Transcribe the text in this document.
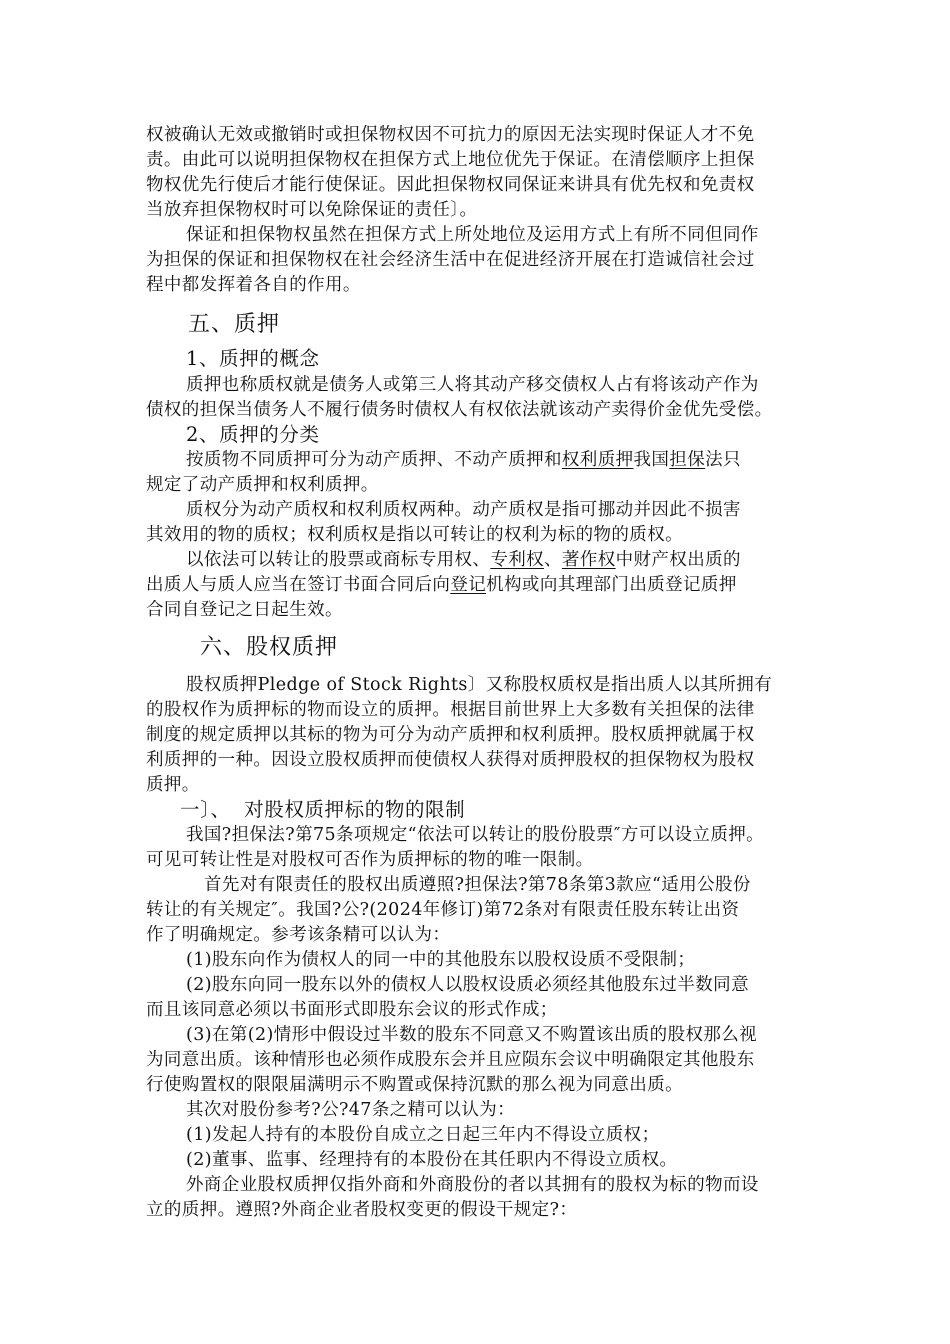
权被确认无效或撤销时或担保物权因不可抗力的原因无法实现时保证人才不免
责。由此可以说明担保物权在担保方式上地位优先于保证。在清偿顺序上担保
物权优先行使后才能行使保证。因此担保物权同保证来讲具有优先权和免责权
当放弃担保物权时可以免除保证的责任〕。
保证和担保物权虽然在担保方式上所处地位及运用方式上有所不同但同作
为担保的保证和担保物权在社会经济生活中在促进经济开展在打造诚信社会过
程中都发挥着各自的作用。
五、质押
1、质押的概念
质押也称质权就是债务人或第三人将其动产移交债权人占有将该动产作为
债权的担保当债务人不履行债务时债权人有权依法就该动产卖得价金优先受偿。
2、质押的分类
按质物不同质押可分为动产质押、不动产质押和权利质押我国担保法只
规定了动产质押和权利质押。
质权分为动产质权和权利质权两种。动产质权是指可挪动并因此不损害
其效用的物的质权；权利质权是指以可转让的权利为标的物的质权。
以依法可以转让的股票或商标专用权、专利权、著作权中财产权出质的
出质人与质人应当在签订书面合同后向登记机构或向其理部门出质登记质押
合同自登记之日起生效。
六、股权质押
股权质押Pledge of Stock Rights〕又称股权质权是指出质人以其所拥有
的股权作为质押标的物而设立的质押。根据目前世界上大多数有关担保的法律
制度的规定质押以其标的物为可分为动产质押和权利质押。股权质押就属于权
利质押的一种。因设立股权质押而使债权人获得对质押股权的担保物权为股权
质押。
一〕、  对股权质押标的物的限制
我国?担保法?第75条项规定“依法可以转让的股份股票″方可以设立质押。
可见可转让性是对股权可否作为质押标的物的唯一限制。
首先对有限责任的股权出质遵照?担保法?第78条第3款应“适用公股份
转让的有关规定″。我国?公?(2024年修订)第72条对有限责任股东转让出资
作了明确规定。参考该条精可以认为：
(1)股东向作为债权人的同一中的其他股东以股权设质不受限制；
(2)股东向同一股东以外的债权人以股权设质必须经其他股东过半数同意
而且该同意必须以书面形式即股东会议的形式作成；
(3)在第(2)情形中假设过半数的股东不同意又不购置该出质的股权那么视
为同意出质。该种情形也必须作成股东会并且应陨东会议中明确限定其他股东
行使购置权的限限届满明示不购置或保持沉默的那么视为同意出质。
其次对股份参考?公?47条之精可以认为：
(1)发起人持有的本股份自成立之日起三年内不得设立质权；
(2)董事、监事、经理持有的本股份在其任职内不得设立质权。
外商企业股权质押仅指外商和外商股份的者以其拥有的股权为标的物而设
立的质押。遵照?外商企业者股权变更的假设干规定?：
